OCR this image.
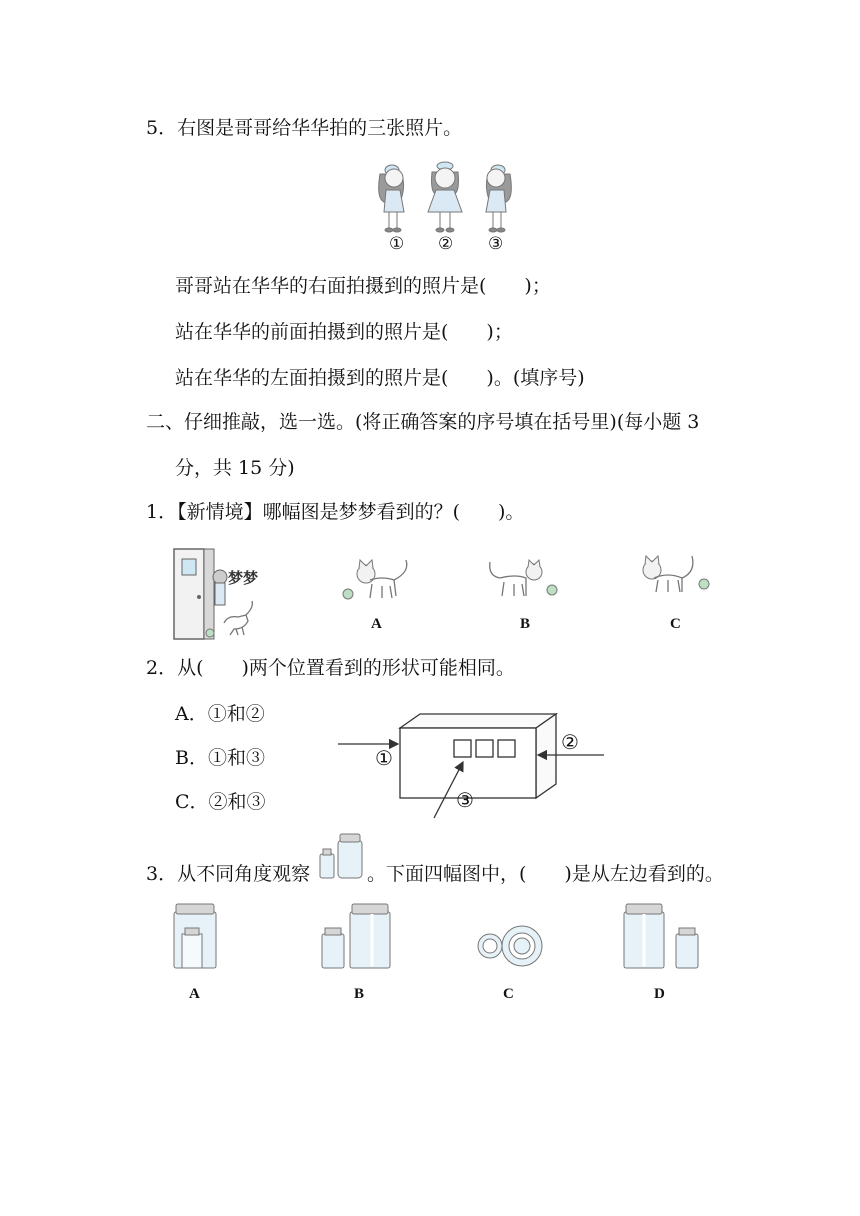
5．右图是哥哥给华华拍的三张照片。
① ② ③
哥哥站在华华的右面拍摄到的照片是(　　)；
站在华华的前面拍摄到的照片是(　　)；
站在华华的左面拍摄到的照片是(　　)。(填序号)
二、仔细推敲，选一选。(将正确答案的序号填在括号里)(每小题 3
分，共 15 分)
1．【新情境】哪幅图是梦梦看到的？(　　)。
梦梦
A	B	C
2．从(　　)两个位置看到的形状可能相同。
A．①和②
B．①和③
C．②和③
①
②
③
3．从不同角度观察	。下面四幅图中，(　　)是从左边看到的。
A	B	C	D
